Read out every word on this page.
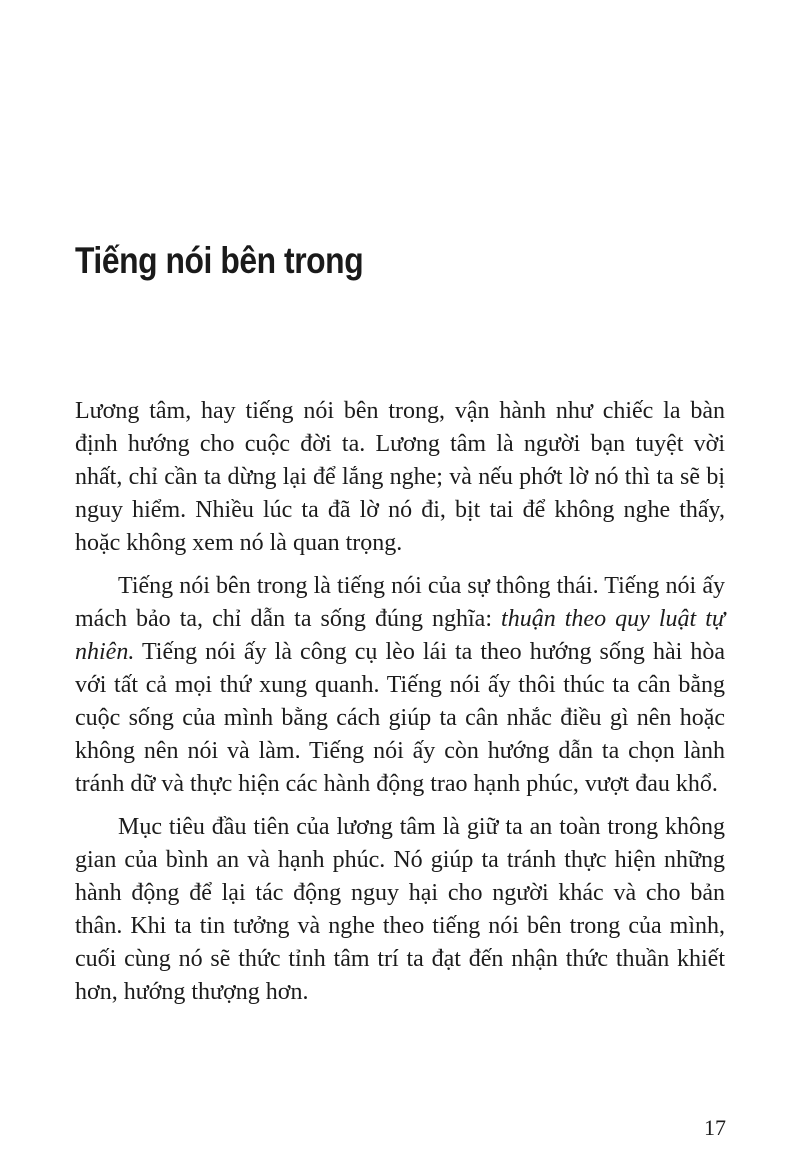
Tiếng nói bên trong

Lương tâm, hay tiếng nói bên trong, vận hành như chiếc la bàn định hướng cho cuộc đời ta. Lương tâm là người bạn tuyệt vời nhất, chỉ cần ta dừng lại để lắng nghe; và nếu phớt lờ nó thì ta sẽ bị nguy hiểm. Nhiều lúc ta đã lờ nó đi, bịt tai để không nghe thấy, hoặc không xem nó là quan trọng.

Tiếng nói bên trong là tiếng nói của sự thông thái. Tiếng nói ấy mách bảo ta, chỉ dẫn ta sống đúng nghĩa: thuận theo quy luật tự nhiên. Tiếng nói ấy là công cụ lèo lái ta theo hướng sống hài hòa với tất cả mọi thứ xung quanh. Tiếng nói ấy thôi thúc ta cân bằng cuộc sống của mình bằng cách giúp ta cân nhắc điều gì nên hoặc không nên nói và làm. Tiếng nói ấy còn hướng dẫn ta chọn lành tránh dữ và thực hiện các hành động trao hạnh phúc, vượt đau khổ.

Mục tiêu đầu tiên của lương tâm là giữ ta an toàn trong không gian của bình an và hạnh phúc. Nó giúp ta tránh thực hiện những hành động để lại tác động nguy hại cho người khác và cho bản thân. Khi ta tin tưởng và nghe theo tiếng nói bên trong của mình, cuối cùng nó sẽ thức tỉnh tâm trí ta đạt đến nhận thức thuần khiết hơn, hướng thượng hơn.

17
